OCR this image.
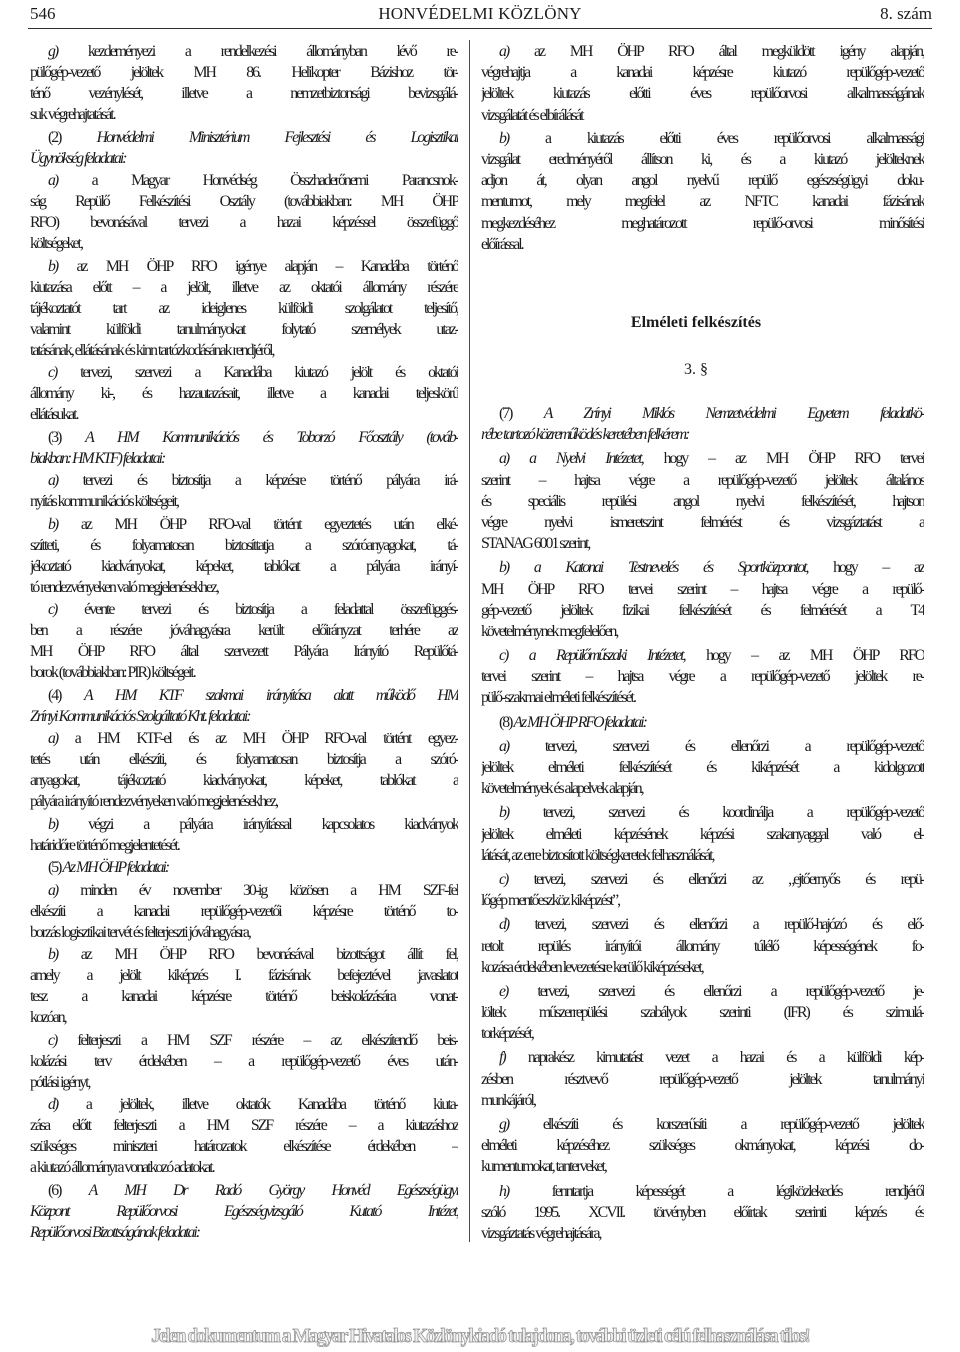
546	HONVÉDELMI KÖZLÖNY	8. szám
g) kezdeményezi a rendelkezési állományban lévő re-
pülőgép-vezető jelöltek MH 86. Helikopter Bázishoz tör-
ténő vezénylését, illetve a nemzetbiztonsági bevizsgálá-
suk végrehajtatását.
(2) Honvédelmi Minisztérium Fejlesztési és Logisztikai
Ügynökség feladatai:
a) a Magyar Honvédség Összhaderőnemi Parancsnok-
ság Repülő Felkészítési Osztály (továbbiakban: MH ÖHP
RFO) bevonásával tervezi a hazai képzéssel összefüggő
költségeket,
b) az MH ÖHP RFO igénye alapján – Kanadába történő
kiutazása előtt – a jelölt, illetve az oktatói állomány részére
tájékoztatót tart az ideiglenes külföldi szolgálatot teljesítő,
valamint külföldi tanulmányokat folytató személyek utaz-
tatásának, ellátásának és kinn tartózkodásának rendjéről,
c) tervezi, szervezi a Kanadába kiutazó jelölt és oktatói
állomány ki-, és hazautazásait, illetve a kanadai teljeskörű
ellátásukat.
(3) A HM Kommunikációs és Toborzó Főosztály (továb-
biakban: HM KTF) feladatai:
a) tervezi és biztosítja a képzésre történő pályára irá-
nyítás kommunikációs költségeit,
b) az MH ÖHP RFO-val történt egyeztetés után elké-
szítteti, és folyamatosan biztosíttatja a szóróanyagokat, tá-
jékoztató kiadványokat, képeket, tablókat a pályára irányí-
tó rendezvényeken való megjelenésekhez,
c) évente tervezi és biztosítja a feladattal összefüggés-
ben a részére jóváhagyásra került előirányzat terhére az
MH ÖHP RFO által szervezett Pályára Irányító Repülőtá-
borok (továbbiakban: PIR) költségeit.
(4) A HM KTF szakmai irányítása alatt működő HM
Zrínyi Kommunikációs Szolgáltató Kht. feladatai:
a) a HM KTF-el és az MH ÖHP RFO-val történt egyez-
tetés után elkészíti, és folyamatosan biztosítja a szóró-
anyagokat, tájékoztató kiadványokat, képeket, tablókat a
pályára irányító rendezvényeken való megjelenésekhez,
b) végzi a pályára irányítással kapcsolatos kiadványok
határidőre történő megjelentetését.
(5) Az MH ÖHP feladatai:
a) minden év november 30-ig közösen a HM SZF-fel
elkészíti a kanadai repülőgép-vezetői képzésre történő to-
borzás logisztikai tervét és felterjeszti jóváhagyásra,
b) az MH ÖHP RFO bevonásával bizottságot állít fel,
amely a jelölt kiképzés I. fázisának befejeztével javaslatot
tesz a kanadai képzésre történő beiskolázására vonat-
kozóan,
c) felterjeszti a HM SZF részére – az elkészítendő beis-
kolázási terv érdekében – a repülőgép-vezető éves után-
pótlási igényt,
d) a jelöltek, illetve oktatók Kanadába történő kiuta-
zása előtt felterjeszti a HM SZF részére – a kiutazáshoz
szükséges miniszteri határozatok elkészítése érdekében –
a kiutazó állományra vonatkozó adatokat.
(6) A MH Dr Radó György Honvéd Egészségügyi
Központ Repülőorvosi Egészségvizsgáló Kutató Intézet,
Repülőorvosi Bizottságának feladatai:
a) az MH ÖHP RFO által megküldött igény alapján,
végrehajtja a kanadai képzésre kiutazó repülőgép-vezető
jelöltek kiutazás előtti éves repülőorvosi alkalmasságának
vizsgálatát és elbírálását
b) a kiutazás előtti éves repülőorvosi alkalmassági
vizsgálat eredményéről állítson ki, és a kiutazó jelölteknek
adjon át, olyan angol nyelvű repülő egészségügyi doku-
mentumot, mely megfelel az NFTC kanadai fázisának
megkezdéséhez meghatározott repülő-orvosi minősítési
előírással.
Elméleti felkészítés
3. §
(7) A Zrínyi Miklós Nemzetvédelmi Egyetem feladatkö-
rébe tartozó közreműködés keretében felkérem:
a) a Nyelvi Intézetet, hogy – az MH ÖHP RFO tervei
szerint – hajtsa végre a repülőgép-vezető jelöltek általános
és speciális repülési angol nyelvi felkészítését, hajtson
végre nyelvi ismeretszint felmérést és vizsgáztatást a
STANAG 6001 szerint,
b) a Katonai Testnevelés és Sportközpontot, hogy – az
MH ÖHP RFO tervei szerint – hajtsa végre a repülő-
gép-vezető jelöltek fizikai felkészítését és felmérését a T4
követelménynek megfelelően,
c) a Repülőműszaki Intézetet, hogy – az MH ÖHP RFO
tervei szerint – hajtsa végre a repülőgép-vezető jelöltek re-
pülő-szakmai elméleti felkészítését.
(8) Az MH ÖHP RFO feladatai:
a) tervezi, szervezi és ellenőrzi a repülőgép-vezető
jelöltek elméleti felkészítését és kiképzését a kidolgozott
követelmények és alapelvek alapján,
b) tervezi, szervezi és koordinálja a repülőgép-vezető
jelöltek elméleti képzésének képzési szakanyaggal való el-
látását, az erre biztosított költségkeretek felhasználását,
c) tervezi, szervezi és ellenőrzi az „ejtőernyős és repü-
lőgép mentőeszköz kiképzést”,
d) tervezi, szervezi és ellenőrzi a repülő-hajózó és elő-
retolt repülés irányítói állomány túlélő képességének fo-
kozása érdekében levezetésre kerülő kiképzéseket,
e) tervezi, szervezi és ellenőrzi a repülőgép-vezető je-
löltek műszerrepülési szabályok szerinti (IFR) és szimulá-
torképzését,
f) naprakész kimutatást vezet a hazai és a külföldi kép-
zésben résztvevő repülőgép-vezető jelöltek tanulmányi
munkájáról,
g) elkészíti és korszerűsíti a repülőgép-vezető jelöltek
elméleti képzéséhez szükséges okmányokat, képzési do-
kumentumokat, tanterveket,
h) fenntartja képességét a légiközlekedés rendjéről
szóló 1995. XCVII. törvényben előírtak szerinti képzés és
vizsgáztatás végrehajtására,
Jelen dokumentum a Magyar Hivatalos Közlönykiadó tulajdona, további üzleti célú felhasználása tilos!
